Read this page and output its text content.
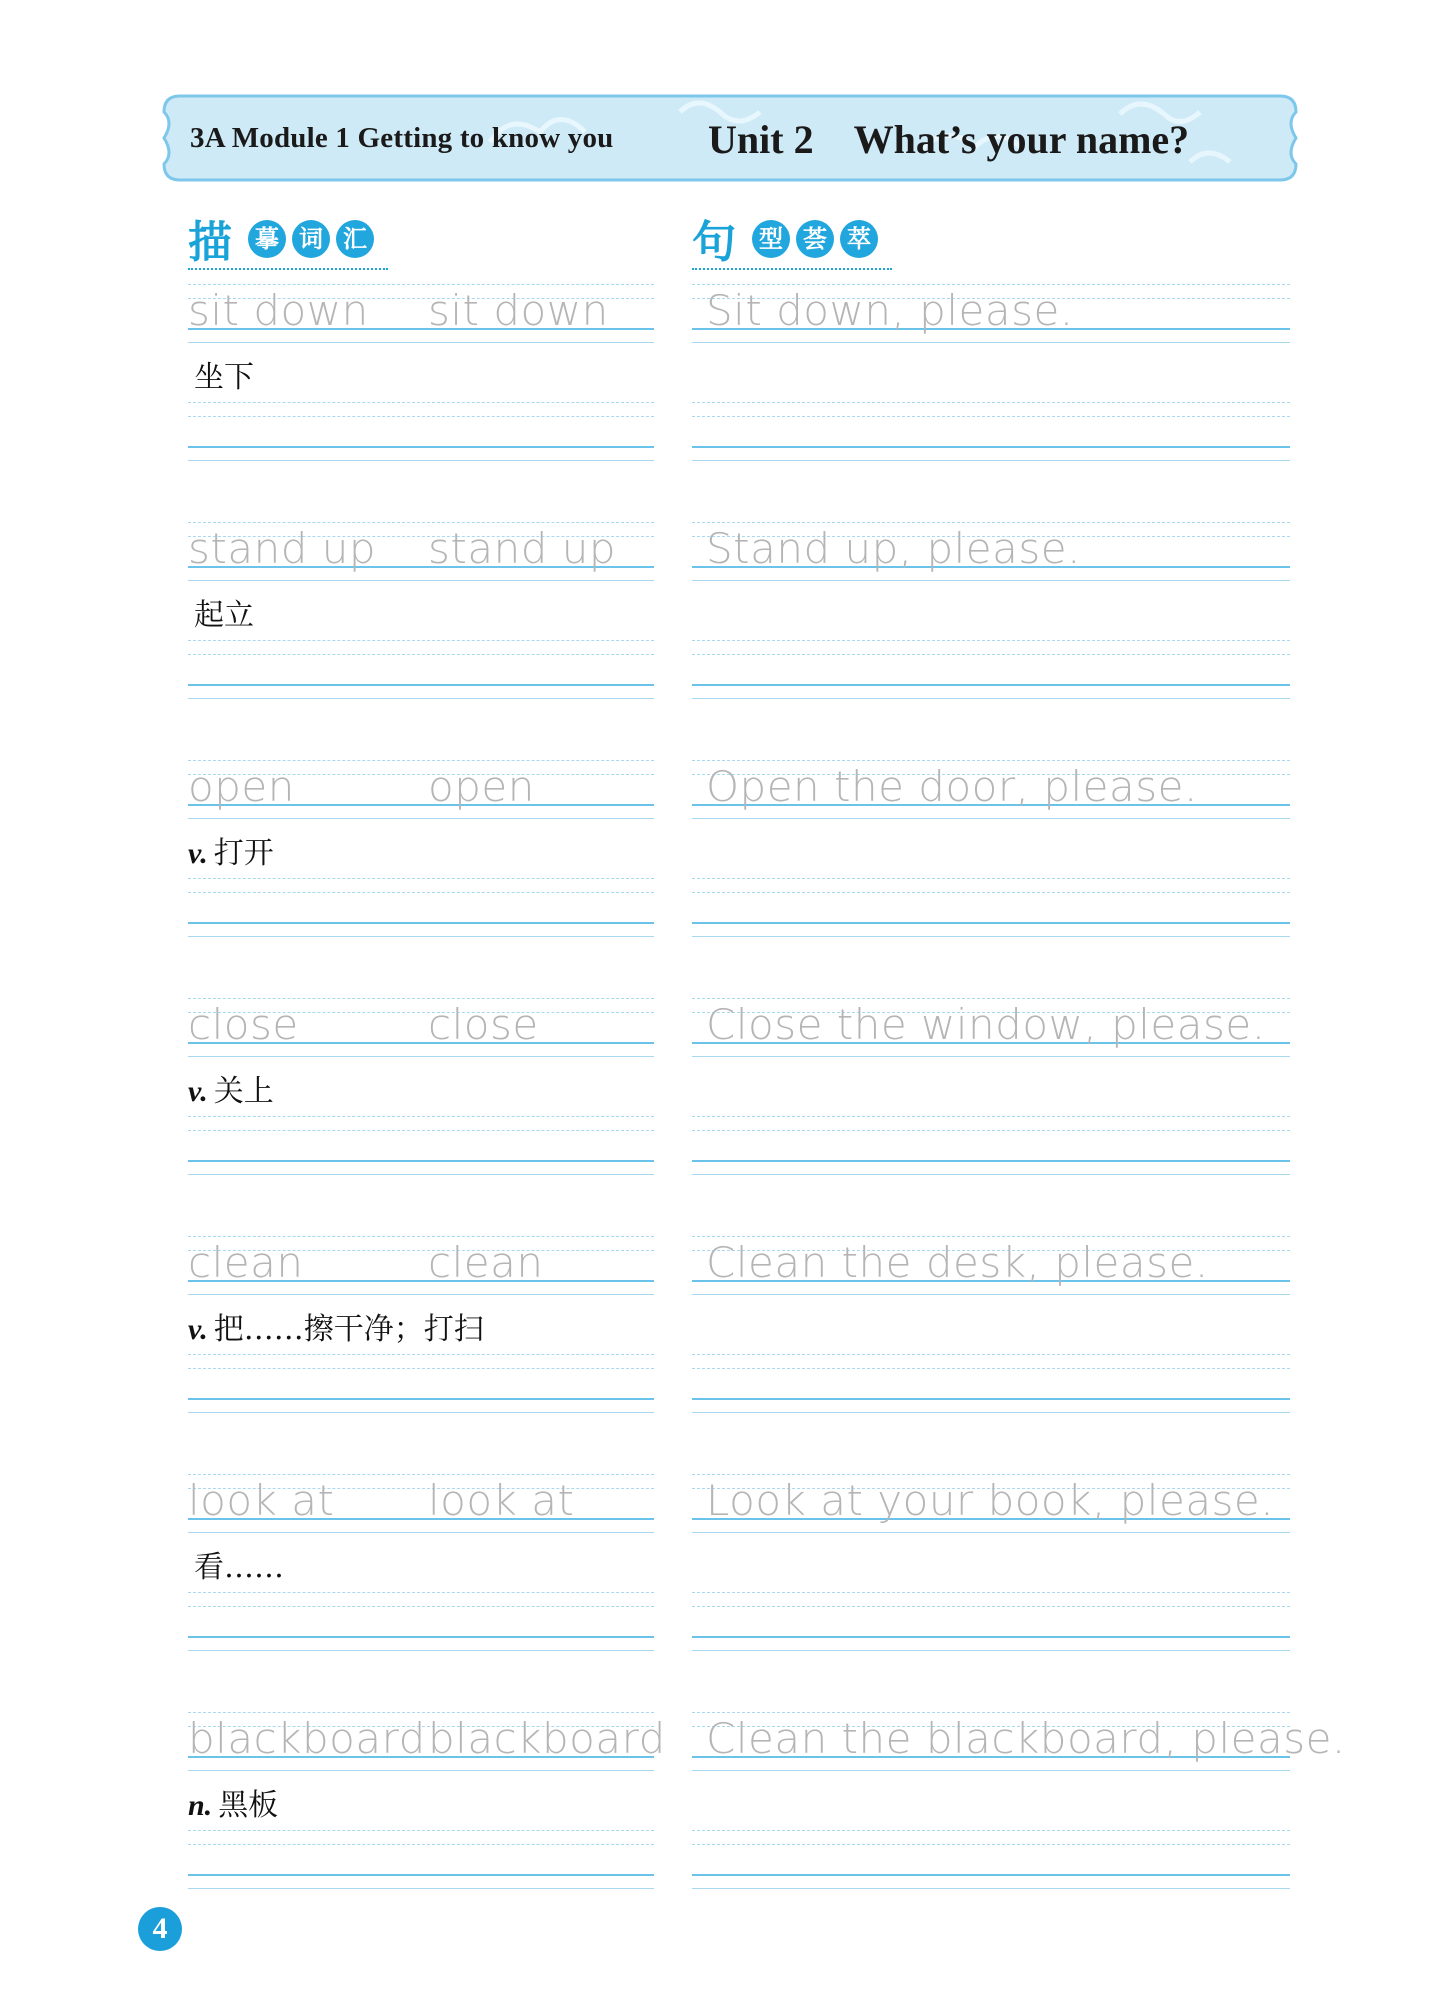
3A Module 1 Getting to know you Unit 2 What’s your name?
描 摹 词 汇	句 型 荟 萃
sit down sit down
坐下
Sit down, please.
stand up stand up
起立
Stand up, please.
open	open
v. 打开
Open the door, please.
close	close
v. 关上
Close the window, please.
clean	clean
v. 把……擦干净；打扫
Clean the desk, please.
look at look at
看……
Look at your book, please.
blackboard blackboard
n. 黑板
Clean the blackboard, please.
4
